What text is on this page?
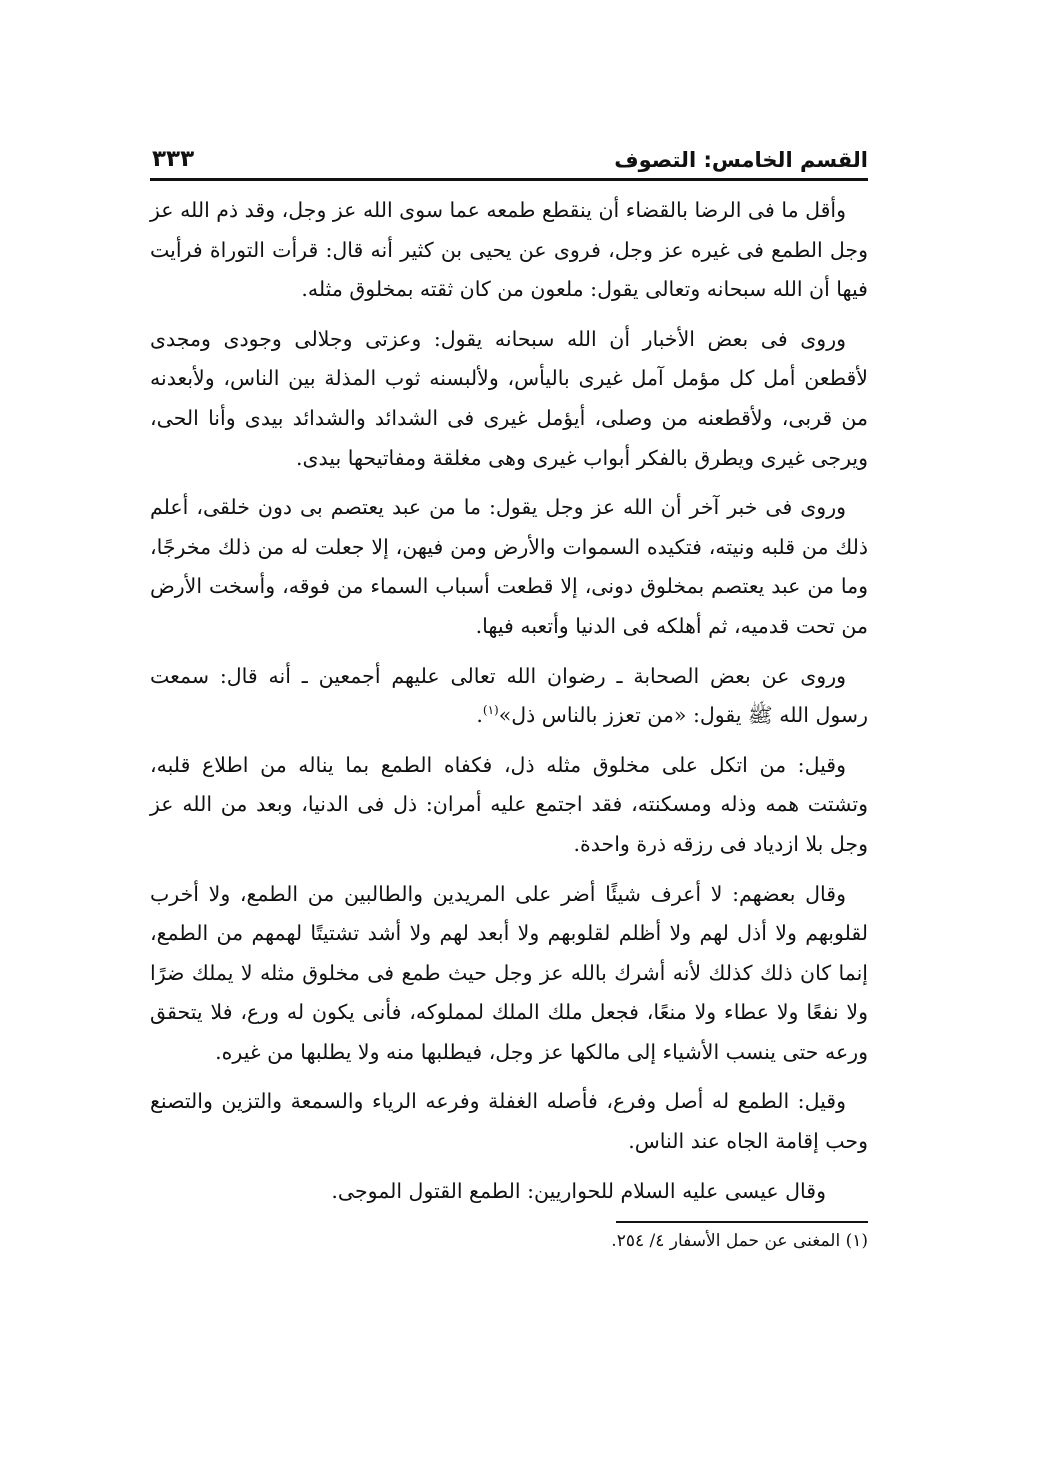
القسم الخامس: التصوف
٣٣٣

وأقل ما فى الرضا بالقضاء أن ينقطع طمعه عما سوى الله عز وجل، وقد ذم الله عز وجل الطمع فى غيره عز وجل، فروى عن يحيى بن كثير أنه قال: قرأت التوراة فرأيت فيها أن الله سبحانه وتعالى يقول: ملعون من كان ثقته بمخلوق مثله.

وروى فى بعض الأخبار أن الله سبحانه يقول: وعزتى وجلالى وجودى ومجدى لأقطعن أمل كل مؤمل آمل غيرى باليأس، ولألبسنه ثوب المذلة بين الناس، ولأبعدنه من قربى، ولأقطعنه من وصلى، أيؤمل غيرى فى الشدائد والشدائد بيدى وأنا الحى، ويرجى غيرى ويطرق بالفكر أبواب غيرى وهى مغلقة ومفاتيحها بيدى.

وروى فى خبر آخر أن الله عز وجل يقول: ما من عبد يعتصم بى دون خلقى، أعلم ذلك من قلبه ونيته، فتكيده السموات والأرض ومن فيهن، إلا جعلت له من ذلك مخرجًا، وما من عبد يعتصم بمخلوق دونى، إلا قطعت أسباب السماء من فوقه، وأسخت الأرض من تحت قدميه، ثم أهلكه فى الدنيا وأتعبه فيها.

وروى عن بعض الصحابة ـ رضوان الله تعالى عليهم أجمعين ـ أنه قال: سمعت رسول الله ﷺ يقول: «من تعزز بالناس ذل»$^{(١)}$.

وقيل: من اتكل على مخلوق مثله ذل، فكفاه الطمع بما يناله من اطلاع قلبه، وتشتت همه وذله ومسكنته، فقد اجتمع عليه أمران: ذل فى الدنيا، وبعد من الله عز وجل بلا ازدياد فى رزقه ذرة واحدة.

وقال بعضهم: لا أعرف شيئًا أضر على المريدين والطالبين من الطمع، ولا أخرب لقلوبهم ولا أذل لهم ولا أظلم لقلوبهم ولا أبعد لهم ولا أشد تشتيتًا لهمهم من الطمع، إنما كان ذلك كذلك لأنه أشرك بالله عز وجل حيث طمع فى مخلوق مثله لا يملك ضرًا ولا نفعًا ولا عطاء ولا منعًا، فجعل ملك الملك لمملوكه، فأنى يكون له ورع، فلا يتحقق ورعه حتى ينسب الأشياء إلى مالكها عز وجل، فيطلبها منه ولا يطلبها من غيره.

وقيل: الطمع له أصل وفرع، فأصله الغفلة وفرعه الرياء والسمعة والتزين والتصنع وحب إقامة الجاه عند الناس.

وقال عيسى عليه السلام للحواريين: الطمع القتول الموجى.

(١) المغنى عن حمل الأسفار ٤/ ٢٥٤.
